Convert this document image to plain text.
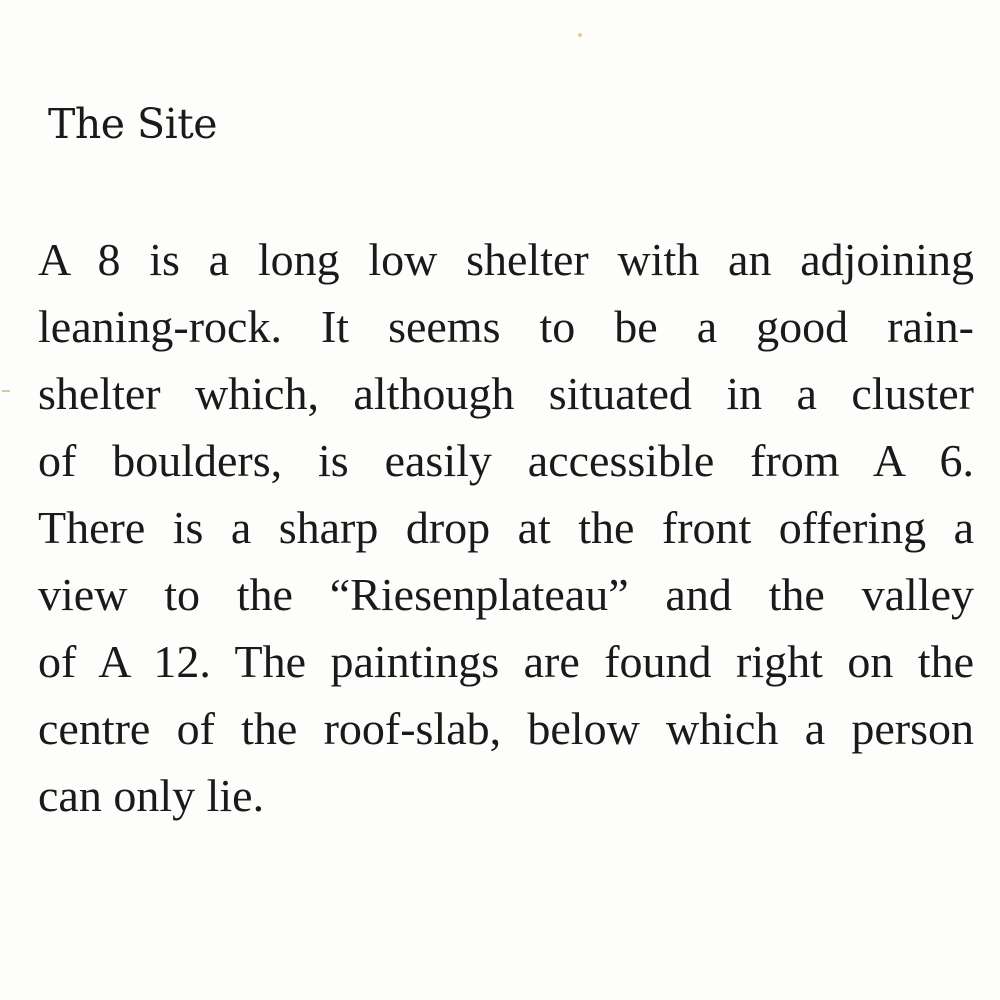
The Site
A 8 is a long low shelter with an adjoining
leaning-rock. It seems to be a good rain-
shelter which, although situated in a cluster
of boulders, is easily accessible from A 6.
There is a sharp drop at the front offering a
view to the “Riesenplateau” and the valley
of A 12. The paintings are found right on the
centre of the roof-slab, below which a person
can only lie.
